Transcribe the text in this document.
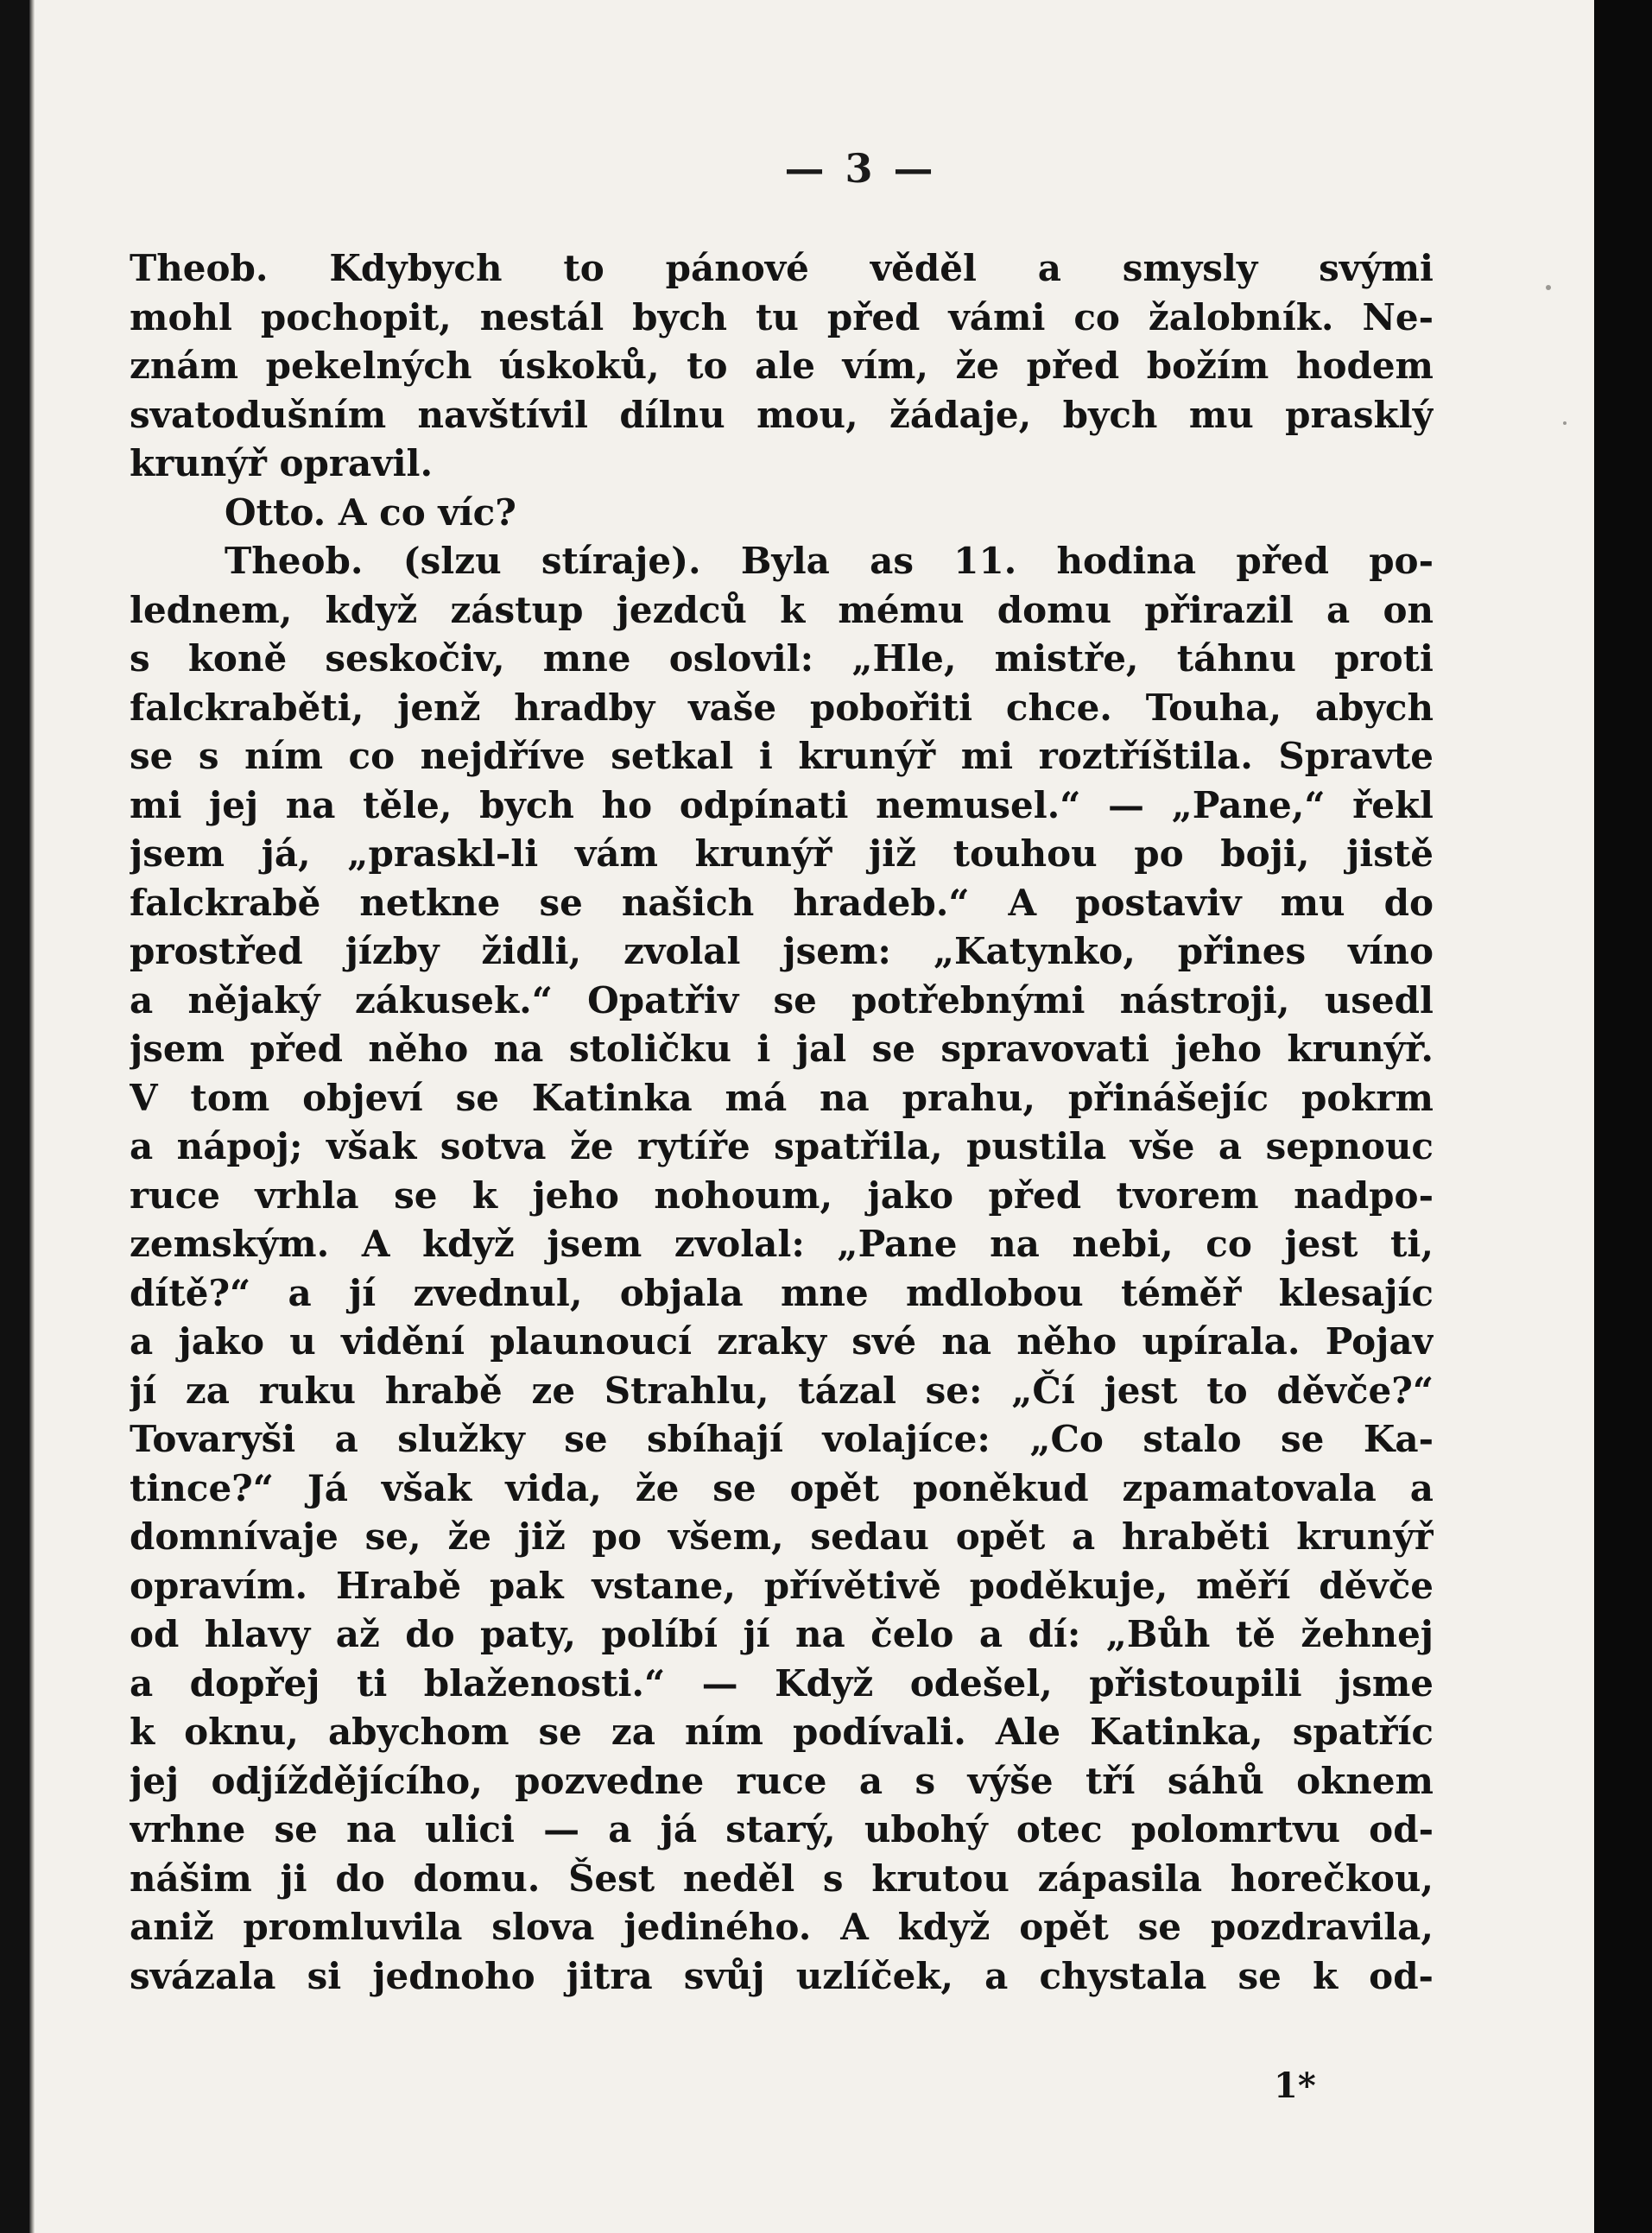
— 3 —
Theob. Kdybych to pánové věděl a smysly svými
mohl pochopit, nestál bych tu před vámi co žalobník. Ne-
znám pekelných úskoků, to ale vím, že před božím hodem
svatodušním navštívil dílnu mou, žádaje, bych mu prasklý
krunýř opravil.
Otto. A co víc?
Theob. (slzu stíraje). Byla as 11. hodina před po-
lednem, když zástup jezdců k mému domu přirazil a on
s koně seskočiv, mne oslovil: „Hle, mistře, táhnu proti
falckraběti, jenž hradby vaše pobořiti chce. Touha, abych
se s ním co nejdříve setkal i krunýř mi roztříštila. Spravte
mi jej na těle, bych ho odpínati nemusel.“ — „Pane,“ řekl
jsem já, „praskl-li vám krunýř již touhou po boji, jistě
falckrabě netkne se našich hradeb.“ A postaviv mu do
prostřed jízby židli, zvolal jsem: „Katynko, přines víno
a nějaký zákusek.“ Opatřiv se potřebnými nástroji, usedl
jsem před něho na stoličku i jal se spravovati jeho krunýř.
V tom objeví se Katinka má na prahu, přinášejíc pokrm
a nápoj; však sotva že rytíře spatřila, pustila vše a sepnouc
ruce vrhla se k jeho nohoum, jako před tvorem nadpo-
zemským. A když jsem zvolal: „Pane na nebi, co jest ti,
dítě?“ a jí zvednul, objala mne mdlobou téměř klesajíc
a jako u vidění plaunoucí zraky své na něho upírala. Pojav
jí za ruku hrabě ze Strahlu, tázal se: „Čí jest to děvče?“
Tovaryši a služky se sbíhají volajíce: „Co stalo se Ka-
tince?“ Já však vida, že se opět poněkud zpamatovala a
domnívaje se, že již po všem, sedau opět a hraběti krunýř
opravím. Hrabě pak vstane, přívětivě poděkuje, měří děvče
od hlavy až do paty, políbí jí na čelo a dí: „Bůh tě žehnej
a dopřej ti blaženosti.“ — Když odešel, přistoupili jsme
k oknu, abychom se za ním podívali. Ale Katinka, spatříc
jej odjíždějícího, pozvedne ruce a s výše tří sáhů oknem
vrhne se na ulici — a já starý, ubohý otec polomrtvu od-
nášim ji do domu. Šest neděl s krutou zápasila horečkou,
aniž promluvila slova jediného. A když opět se pozdravila,
svázala si jednoho jitra svůj uzlíček, a chystala se k od-
1*
